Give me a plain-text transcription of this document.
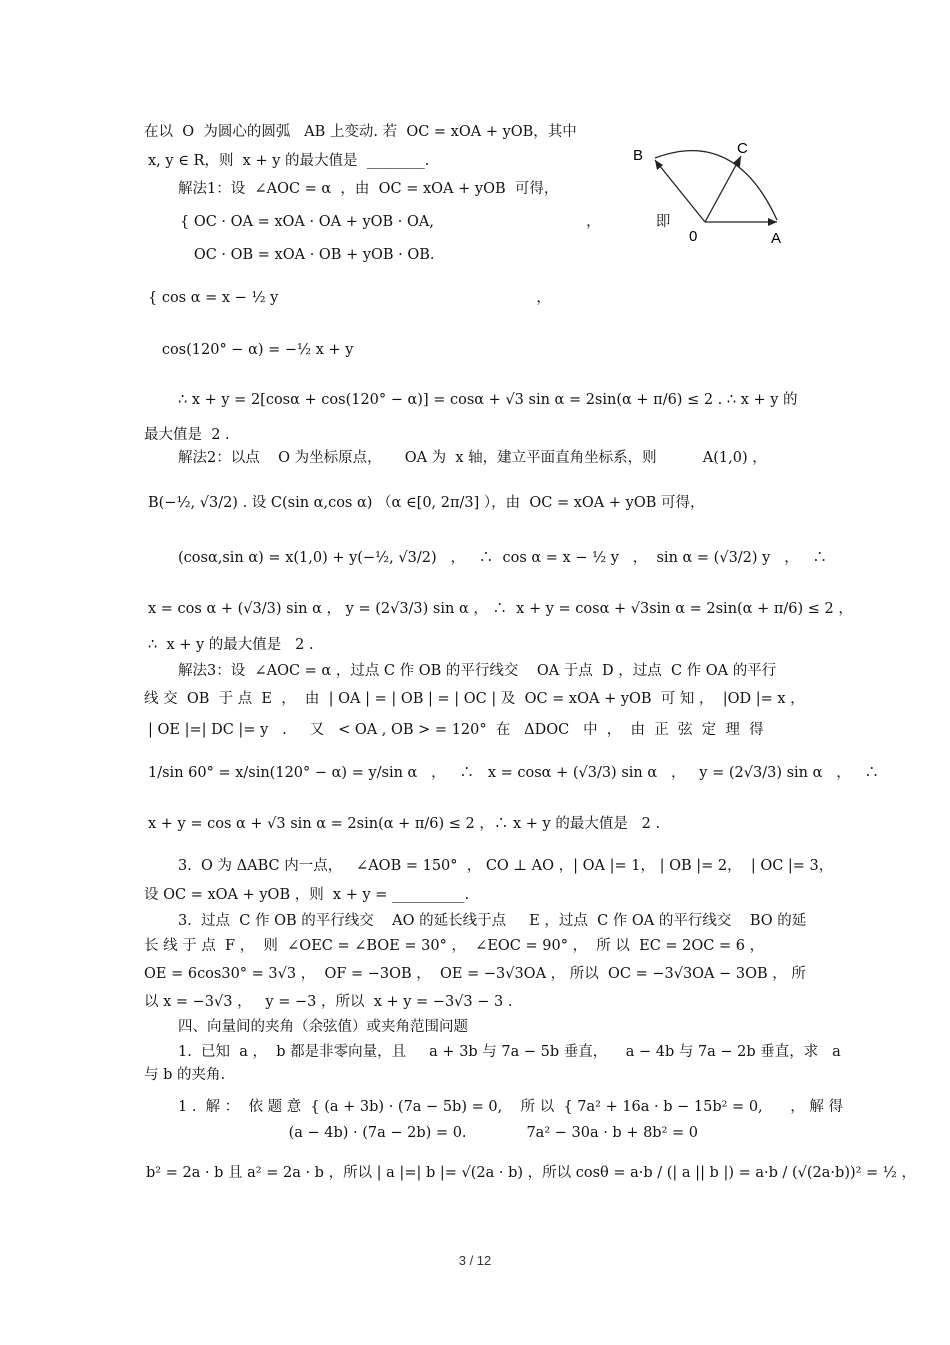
在以  O  为圆心的圆弧   AB 上变动. 若  OC = xOA + yOB，其中
x, y ∈ R，则  x + y 的最大值是  ________.
解法1：设  ∠AOC = α  ，由  OC = xOA + yOB  可得，
{ OC · OA = xOA · OA + yOB · OA,                                 ，            即
OC · OB = xOA · OB + yOB · OB.
{ cos α = x − ½ y                                                        ，
cos(120° − α) = −½ x + y
∴ x + y = 2[cosα + cos(120° − α)] = cosα + √3 sin α = 2sin(α + π/6) ≤ 2 . ∴ x + y 的
最大值是  2 .
解法2：以点    O 为坐标原点，     OA 为  x 轴，建立平面直角坐标系，则          A(1,0) ，
B(−½, √3/2) . 设 C(sin α,cos α) （α ∈[0, 2π/3] ），由  OC = xOA + yOB 可得，
(cosα,sin α) = x(1,0) + y(−½, √3/2)   ，   ∴  cos α = x − ½ y   ，  sin α = (√3/2) y   ，   ∴
x = cos α + (√3/3) sin α ， y = (2√3/3) sin α ， ∴  x + y = cosα + √3sin α = 2sin(α + π/6) ≤ 2 ，
∴  x + y 的最大值是   2 .
解法3：设  ∠AOC = α ，过点 C 作 OB 的平行线交    OA 于点  D ，过点  C 作 OA 的平行
线 交  OB  于 点  E  ，  由  | OA | = | OB | = | OC | 及  OC = xOA + yOB  可 知 ，  |OD |= x ，
| OE |=| DC |= y   .     又   < OA , OB > = 120°  在   ΔDOC   中  ，  由  正  弦  定  理  得
1/sin 60° = x/sin(120° − α) = y/sin α   ，   ∴   x = cosα + (√3/3) sin α   ，   y = (2√3/3) sin α   ，   ∴
x + y = cos α + √3 sin α = 2sin(α + π/6) ≤ 2 ，∴ x + y 的最大值是   2 .
3.  O 为 ΔABC 内一点，   ∠AOB = 150°  ， CO ⊥ AO ，| OA |= 1， | OB |= 2，  | OC |= 3，
设 OC = xOA + yOB ，则  x + y = __________.
3.  过点  C 作 OB 的平行线交    AO 的延长线于点     E ，过点  C 作 OA 的平行线交    BO 的延
长 线 于 点  F ，  则  ∠OEC = ∠BOE = 30° ，  ∠EOC = 90° ，  所 以  EC = 2OC = 6 ，
OE = 6cos30° = 3√3 ，  OF = −3OB ，  OE = −3√3OA ， 所以  OC = −3√3OA − 3OB ， 所
以 x = −3√3 ，   y = −3 ，所以  x + y = −3√3 − 3 .
四、向量间的夹角（余弦值）或夹角范围问题
1.  已知  a ，  b 都是非零向量，且     a + 3b 与 7a − 5b 垂直，    a − 4b 与 7a − 2b 垂直，求   a
与 b 的夹角.
1 .  解 ：  依 题 意  { (a + 3b) · (7a − 5b) = 0,    所 以  { 7a² + 16a · b − 15b² = 0,      ， 解 得
(a − 4b) · (7a − 2b) = 0.             7a² − 30a · b + 8b² = 0
b² = 2a · b 且 a² = 2a · b ，所以 | a |=| b |= √(2a · b) ，所以 cosθ = a·b / (| a || b |) = a·b / (√(2a·b))² = ½ ，
B	C
0	A
3 / 12
